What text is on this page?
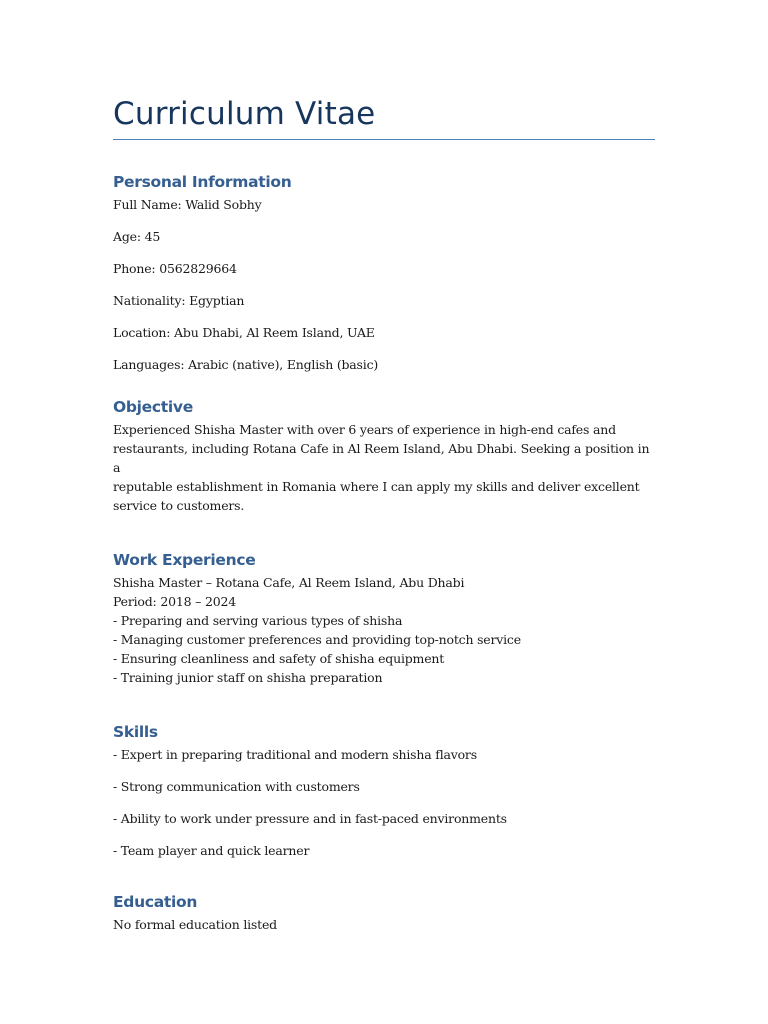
Curriculum Vitae
Personal Information

Full Name: Walid Sobhy

Age: 45

Phone: 0562829664

Nationality: Egyptian

Location: Abu Dhabi, Al Reem Island, UAE

Languages: Arabic (native), English (basic)

Objective

Experienced Shisha Master with over 6 years of experience in high-end cafes and

restaurants, including Rotana Cafe in Al Reem Island, Abu Dhabi. Seeking a position in a

reputable establishment in Romania where I can apply my skills and deliver excellent

service to customers.

Work Experience

Shisha Master – Rotana Cafe, Al Reem Island, Abu Dhabi

Period: 2018 – 2024

- Preparing and serving various types of shisha

- Managing customer preferences and providing top-notch service

- Ensuring cleanliness and safety of shisha equipment

- Training junior staff on shisha preparation

Skills

- Expert in preparing traditional and modern shisha flavors

- Strong communication with customers

- Ability to work under pressure and in fast-paced environments

- Team player and quick learner

Education

No formal education listed
